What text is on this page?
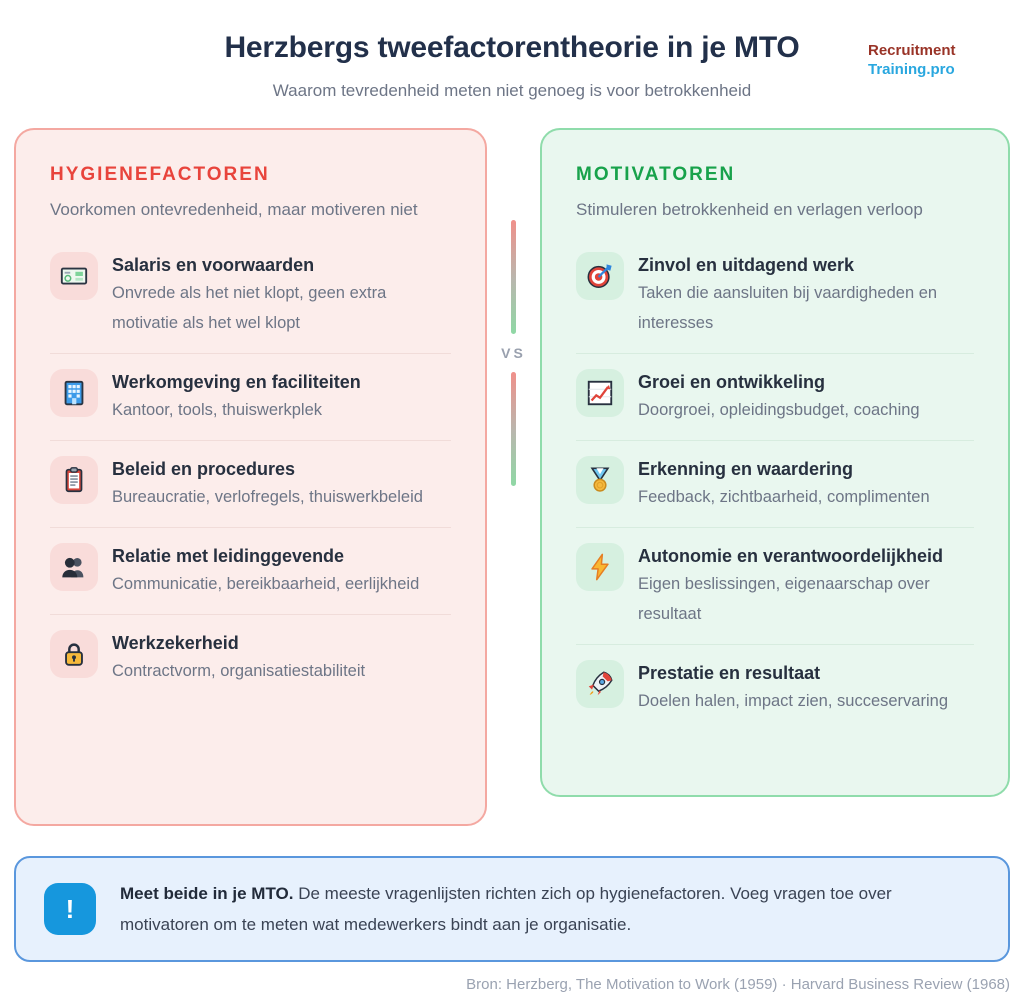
Herzbergs tweefactorentheorie in je MTO
Waarom tevredenheid meten niet genoeg is voor betrokkenheid
Recruitment
Training.pro
HYGIENEFACTOREN
Voorkomen ontevredenheid, maar motiveren niet
Salaris en voorwaarden
Onvrede als het niet klopt, geen extra motivatie als het wel klopt
Werkomgeving en faciliteiten
Kantoor, tools, thuiswerkplek
Beleid en procedures
Bureaucratie, verlofregels, thuiswerkbeleid
Relatie met leidinggevende
Communicatie, bereikbaarheid, eerlijkheid
Werkzekerheid
Contractvorm, organisatiestabiliteit
VS
MOTIVATOREN
Stimuleren betrokkenheid en verlagen verloop
Zinvol en uitdagend werk
Taken die aansluiten bij vaardigheden en interesses
Groei en ontwikkeling
Doorgroei, opleidingsbudget, coaching
Erkenning en waardering
Feedback, zichtbaarheid, complimenten
Autonomie en verantwoordelijkheid
Eigen beslissingen, eigenaarschap over resultaat
Prestatie en resultaat
Doelen halen, impact zien, succeservaring
!	Meet beide in je MTO. De meeste vragenlijsten richten zich op hygienefactoren. Voeg vragen toe over motivatoren om te meten wat medewerkers bindt aan je organisatie.

Bron: Herzberg, The Motivation to Work (1959) · Harvard Business Review (1968)
